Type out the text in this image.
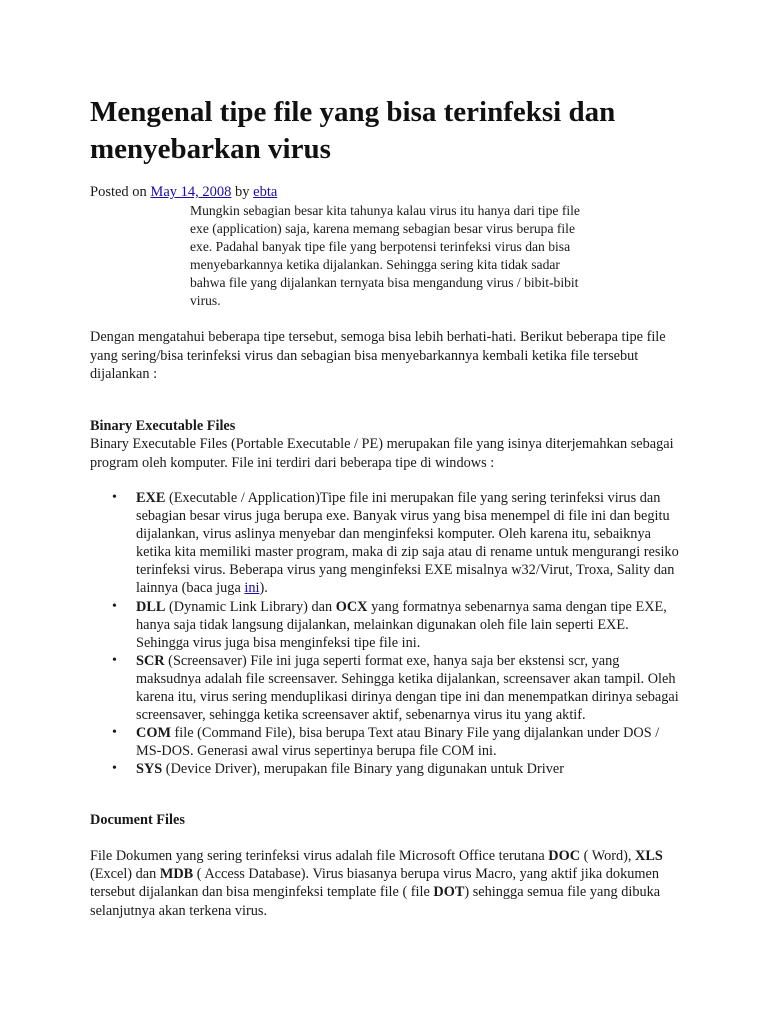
Mengenal tipe file yang bisa terinfeksi dan menyebarkan virus
Posted on May 14, 2008 by ebta
Mungkin sebagian besar kita tahunya kalau virus itu hanya dari tipe file exe (application) saja, karena memang sebagian besar virus berupa file exe. Padahal banyak tipe file yang berpotensi terinfeksi virus dan bisa menyebarkannya ketika dijalankan. Sehingga sering kita tidak sadar bahwa file yang dijalankan ternyata bisa mengandung virus / bibit-bibit virus.
Dengan mengatahui beberapa tipe tersebut, semoga bisa lebih berhati-hati. Berikut beberapa tipe file yang sering/bisa terinfeksi virus dan sebagian bisa menyebarkannya kembali ketika file tersebut dijalankan :
Binary Executable Files
Binary Executable Files (Portable Executable / PE) merupakan file yang isinya diterjemahkan sebagai program oleh komputer. File ini terdiri dari beberapa tipe di windows :
• EXE (Executable / Application)Tipe file ini merupakan file yang sering terinfeksi virus dan sebagian besar virus juga berupa exe. Banyak virus yang bisa menempel di file ini dan begitu dijalankan, virus aslinya menyebar dan menginfeksi komputer. Oleh karena itu, sebaiknya ketika kita memiliki master program, maka di zip saja atau di rename untuk mengurangi resiko terinfeksi virus. Beberapa virus yang menginfeksi EXE misalnya w32/Virut, Troxa, Sality dan lainnya (baca juga ini).
• DLL (Dynamic Link Library) dan OCX yang formatnya sebenarnya sama dengan tipe EXE, hanya saja tidak langsung dijalankan, melainkan digunakan oleh file lain seperti EXE. Sehingga virus juga bisa menginfeksi tipe file ini.
• SCR (Screensaver) File ini juga seperti format exe, hanya saja ber ekstensi scr, yang maksudnya adalah file screensaver. Sehingga ketika dijalankan, screensaver akan tampil. Oleh karena itu, virus sering menduplikasi dirinya dengan tipe ini dan menempatkan dirinya sebagai screensaver, sehingga ketika screensaver aktif, sebenarnya virus itu yang aktif.
• COM file (Command File), bisa berupa Text atau Binary File yang dijalankan under DOS / MS-DOS. Generasi awal virus sepertinya berupa file COM ini.
• SYS (Device Driver), merupakan file Binary yang digunakan untuk Driver
Document Files
File Dokumen yang sering terinfeksi virus adalah file Microsoft Office terutana DOC ( Word), XLS (Excel) dan MDB ( Access Database). Virus biasanya berupa virus Macro, yang aktif jika dokumen tersebut dijalankan dan bisa menginfeksi template file ( file DOT) sehingga semua file yang dibuka selanjutnya akan terkena virus.
